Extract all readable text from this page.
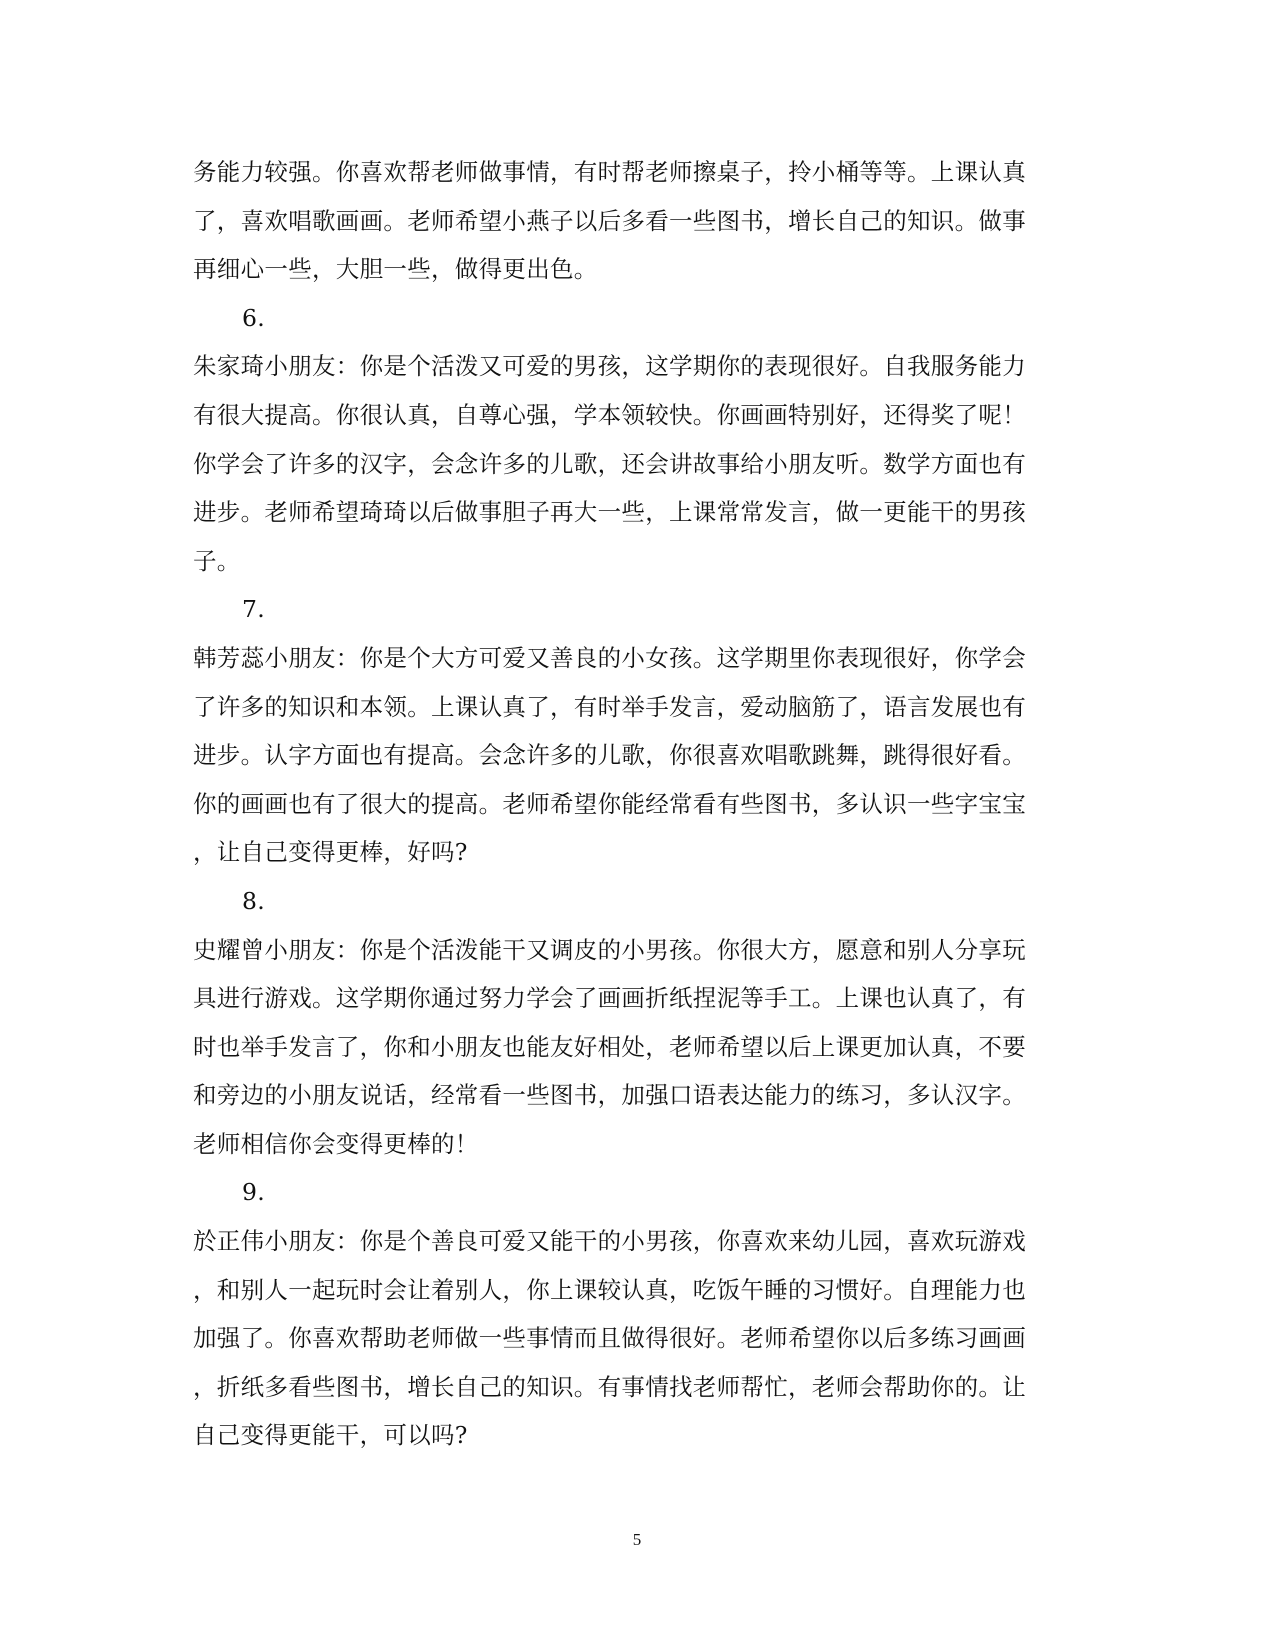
务能力较强。你喜欢帮老师做事情，有时帮老师擦桌子，拎小桶等等。上课认真
了，喜欢唱歌画画。老师希望小燕子以后多看一些图书，增长自己的知识。做事
再细心一些，大胆一些，做得更出色。
6.
朱家琦小朋友：你是个活泼又可爱的男孩，这学期你的表现很好。自我服务能力
有很大提高。你很认真，自尊心强，学本领较快。你画画特别好，还得奖了呢！
你学会了许多的汉字，会念许多的儿歌，还会讲故事给小朋友听。数学方面也有
进步。老师希望琦琦以后做事胆子再大一些，上课常常发言，做一更能干的男孩
子。
7.
韩芳蕊小朋友：你是个大方可爱又善良的小女孩。这学期里你表现很好，你学会
了许多的知识和本领。上课认真了，有时举手发言，爱动脑筋了，语言发展也有
进步。认字方面也有提高。会念许多的儿歌，你很喜欢唱歌跳舞，跳得很好看。
你的画画也有了很大的提高。老师希望你能经常看有些图书，多认识一些字宝宝
，让自己变得更棒，好吗?
8.
史耀曾小朋友：你是个活泼能干又调皮的小男孩。你很大方，愿意和别人分享玩
具进行游戏。这学期你通过努力学会了画画折纸捏泥等手工。上课也认真了，有
时也举手发言了，你和小朋友也能友好相处，老师希望以后上课更加认真，不要
和旁边的小朋友说话，经常看一些图书，加强口语表达能力的练习，多认汉字。
老师相信你会变得更棒的！
9.
於正伟小朋友：你是个善良可爱又能干的小男孩，你喜欢来幼儿园，喜欢玩游戏
，和别人一起玩时会让着别人，你上课较认真，吃饭午睡的习惯好。自理能力也
加强了。你喜欢帮助老师做一些事情而且做得很好。老师希望你以后多练习画画
，折纸多看些图书，增长自己的知识。有事情找老师帮忙，老师会帮助你的。让
自己变得更能干，可以吗?
5
